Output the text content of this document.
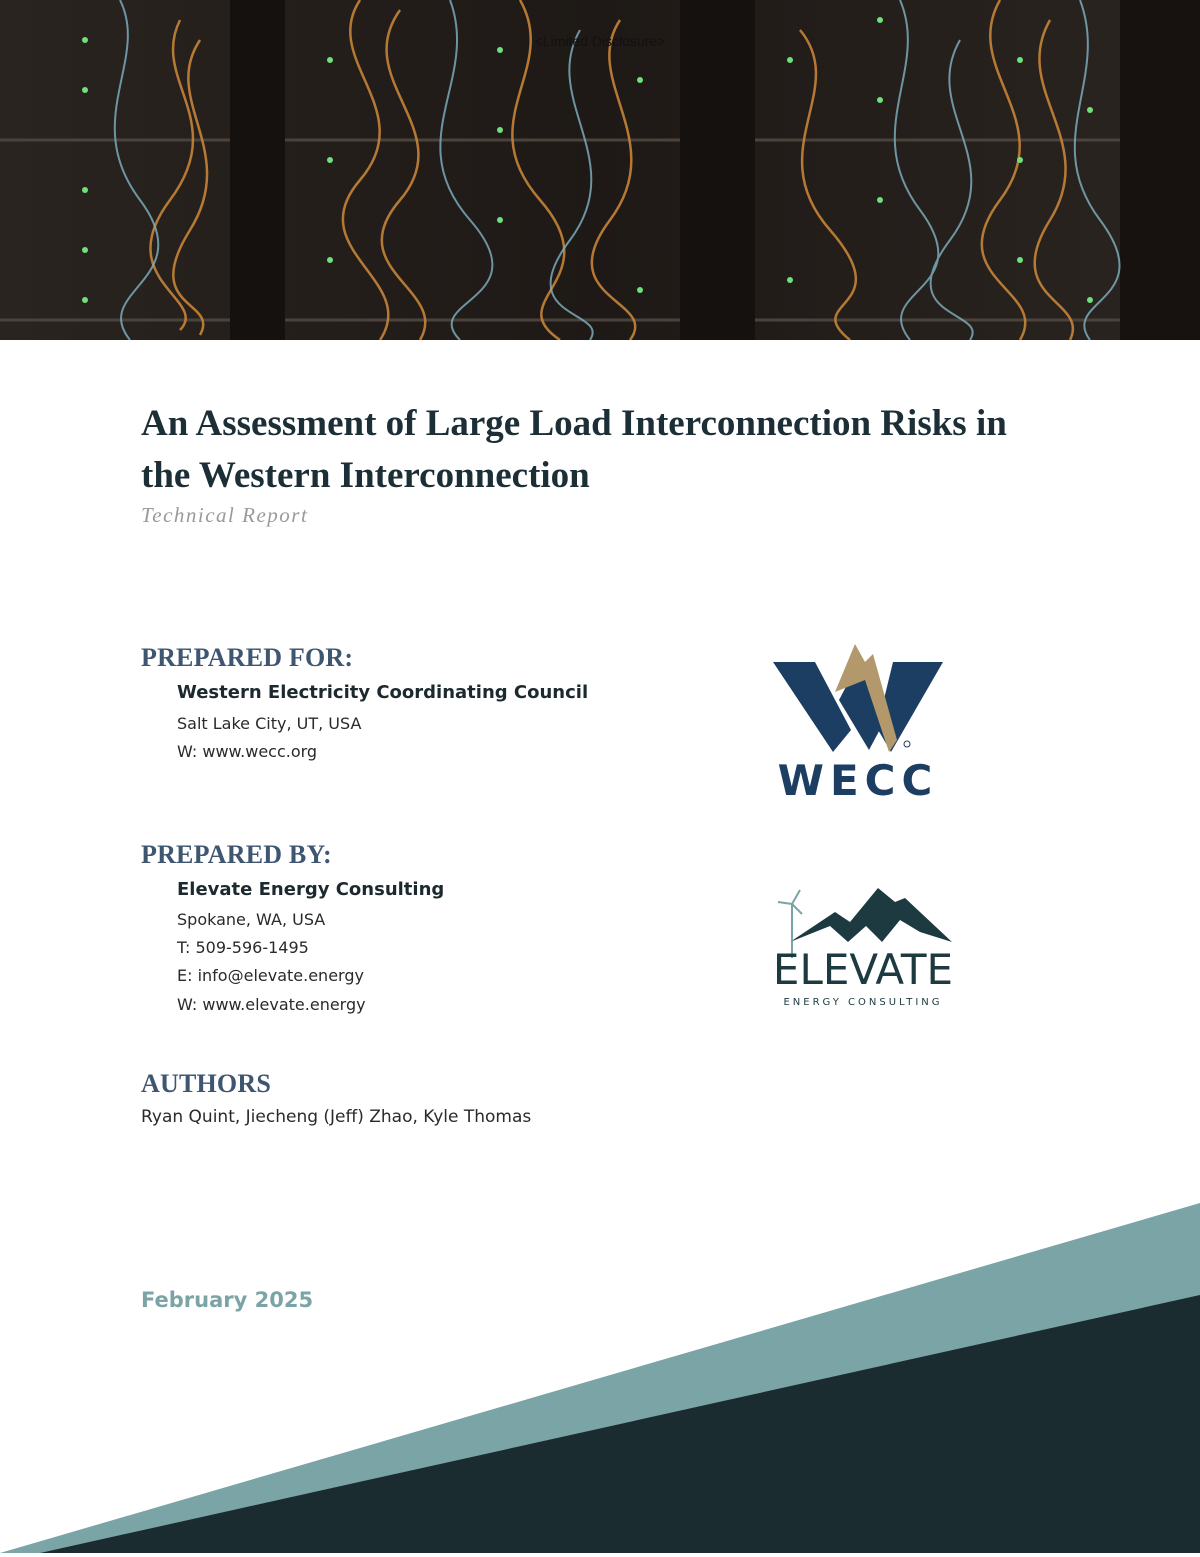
<Limited Disclosure>
An Assessment of Large Load Interconnection Risks in
the Western Interconnection
Technical Report
PREPARED FOR:
Western Electricity Coordinating Council
Salt Lake City, UT, USA
W: www.wecc.org
PREPARED BY:
Elevate Energy Consulting
Spokane, WA, USA
T: 509-596-1495
E: info@elevate.energy
W: www.elevate.energy
AUTHORS
Ryan Quint, Jiecheng (Jeff) Zhao, Kyle Thomas
February 2025
WECC
ELEVATE
ENERGY CONSULTING
